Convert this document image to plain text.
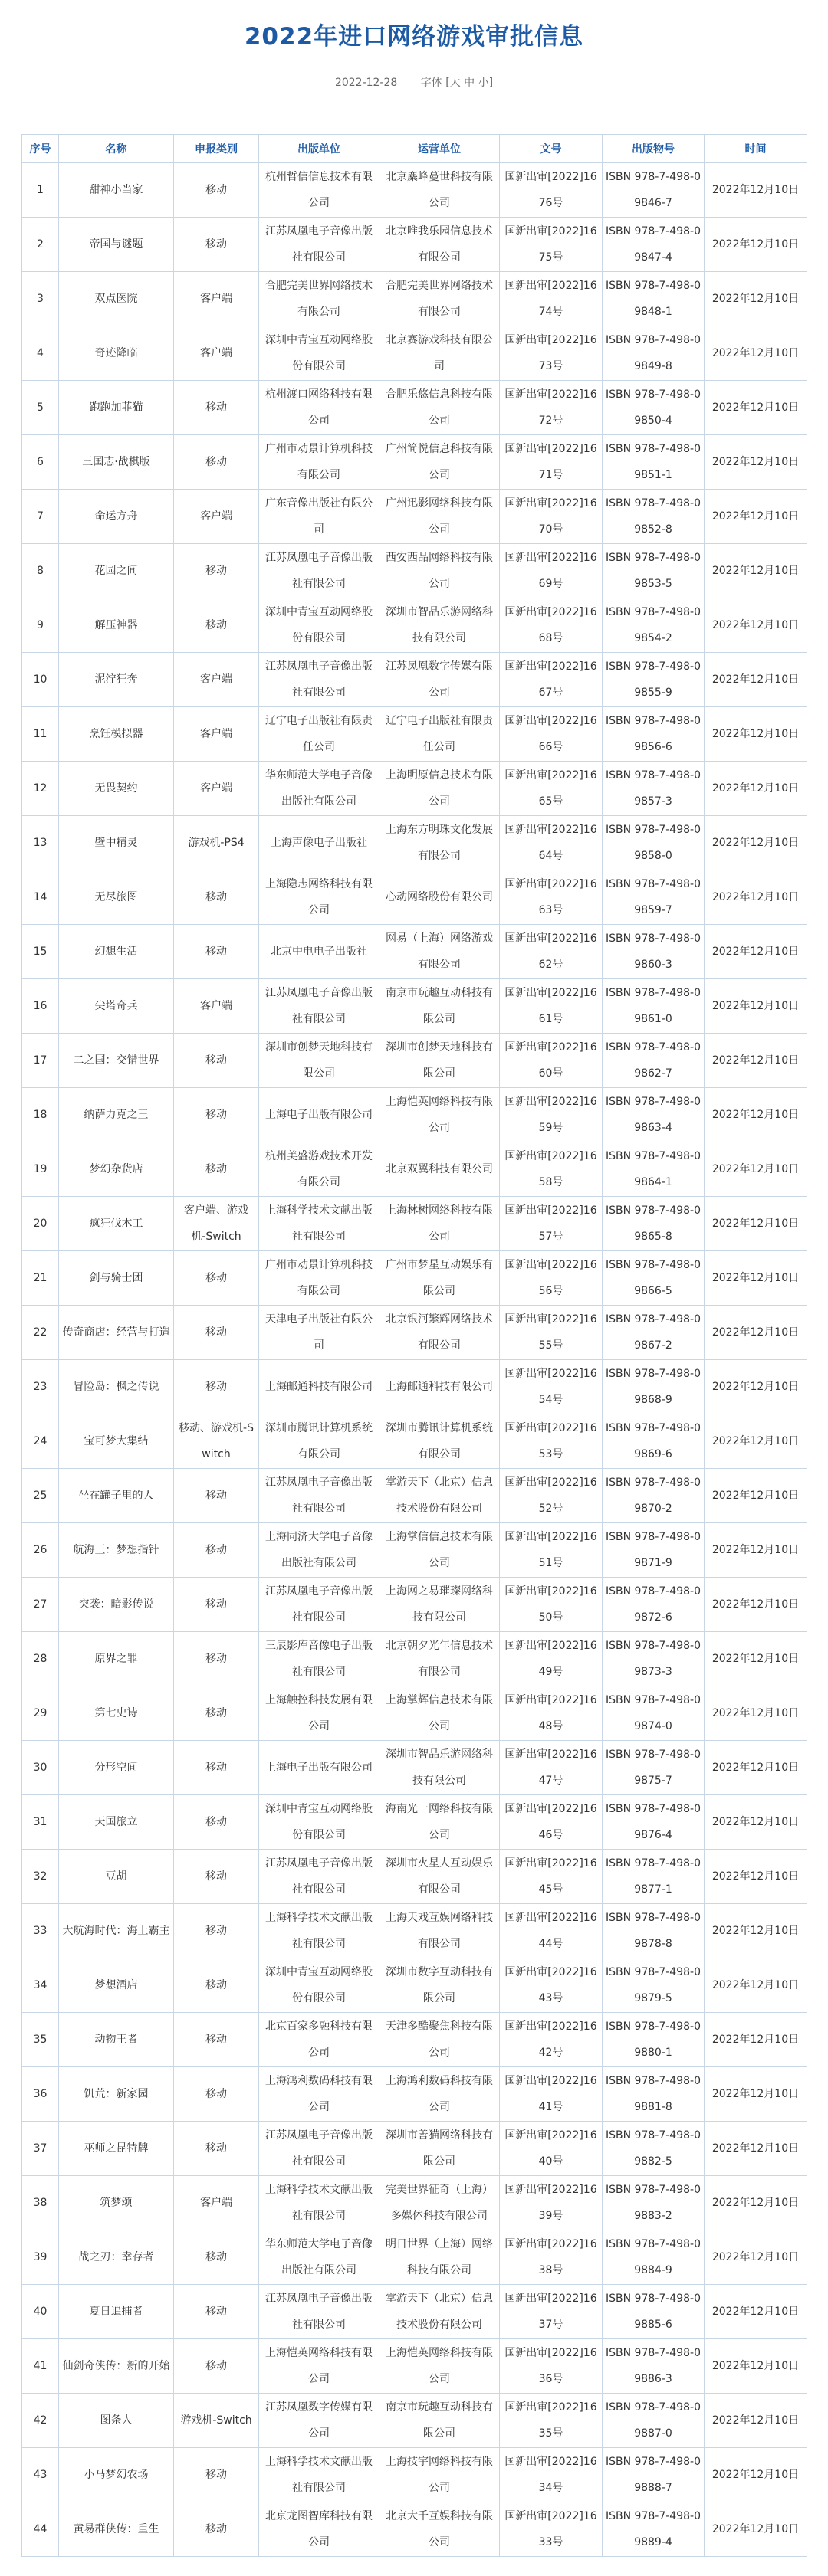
2022年进口网络游戏审批信息
2022-12-28 字体 [大 中 小]
序号	名称	申报类别	出版单位	运营单位	文号	出版物号	时间
1	甜神小当家	移动	杭州哲信信息技术有限公司	北京麋峰蔓世科技有限公司	国新出审[2022]1676号	ISBN 978-7-498-09846-7	2022年12月10日
2	帝国与谜题	移动	江苏凤凰电子音像出版社有限公司	北京唯我乐园信息技术有限公司	国新出审[2022]1675号	ISBN 978-7-498-09847-4	2022年12月10日
3	双点医院	客户端	合肥完美世界网络技术有限公司	合肥完美世界网络技术有限公司	国新出审[2022]1674号	ISBN 978-7-498-09848-1	2022年12月10日
4	奇迹降临	客户端	深圳中青宝互动网络股份有限公司	北京赛游戏科技有限公司	国新出审[2022]1673号	ISBN 978-7-498-09849-8	2022年12月10日
5	跑跑加菲猫	移动	杭州渡口网络科技有限公司	合肥乐悠信息科技有限公司	国新出审[2022]1672号	ISBN 978-7-498-09850-4	2022年12月10日
6	三国志·战棋版	移动	广州市动景计算机科技有限公司	广州简悦信息科技有限公司	国新出审[2022]1671号	ISBN 978-7-498-09851-1	2022年12月10日
7	命运方舟	客户端	广东音像出版社有限公司	广州迅影网络科技有限公司	国新出审[2022]1670号	ISBN 978-7-498-09852-8	2022年12月10日
8	花园之间	移动	江苏凤凰电子音像出版社有限公司	西安西品网络科技有限公司	国新出审[2022]1669号	ISBN 978-7-498-09853-5	2022年12月10日
9	解压神器	移动	深圳中青宝互动网络股份有限公司	深圳市智品乐游网络科技有限公司	国新出审[2022]1668号	ISBN 978-7-498-09854-2	2022年12月10日
10	泥泞狂奔	客户端	江苏凤凰电子音像出版社有限公司	江苏凤凰数字传媒有限公司	国新出审[2022]1667号	ISBN 978-7-498-09855-9	2022年12月10日
11	烹饪模拟器	客户端	辽宁电子出版社有限责任公司	辽宁电子出版社有限责任公司	国新出审[2022]1666号	ISBN 978-7-498-09856-6	2022年12月10日
12	无畏契约	客户端	华东师范大学电子音像出版社有限公司	上海明原信息技术有限公司	国新出审[2022]1665号	ISBN 978-7-498-09857-3	2022年12月10日
13	壁中精灵	游戏机-PS4	上海声像电子出版社	上海东方明珠文化发展有限公司	国新出审[2022]1664号	ISBN 978-7-498-09858-0	2022年12月10日
14	无尽旅图	移动	上海隐志网络科技有限公司	心动网络股份有限公司	国新出审[2022]1663号	ISBN 978-7-498-09859-7	2022年12月10日
15	幻想生活	移动	北京中电电子出版社	网易（上海）网络游戏有限公司	国新出审[2022]1662号	ISBN 978-7-498-09860-3	2022年12月10日
16	尖塔奇兵	客户端	江苏凤凰电子音像出版社有限公司	南京市玩趣互动科技有限公司	国新出审[2022]1661号	ISBN 978-7-498-09861-0	2022年12月10日
17	二之国：交错世界	移动	深圳市创梦天地科技有限公司	深圳市创梦天地科技有限公司	国新出审[2022]1660号	ISBN 978-7-498-09862-7	2022年12月10日
18	纳萨力克之王	移动	上海电子出版有限公司	上海恺英网络科技有限公司	国新出审[2022]1659号	ISBN 978-7-498-09863-4	2022年12月10日
19	梦幻杂货店	移动	杭州美盛游戏技术开发有限公司	北京双翼科技有限公司	国新出审[2022]1658号	ISBN 978-7-498-09864-1	2022年12月10日
20	疯狂伐木工	客户端、游戏机-Switch	上海科学技术文献出版社有限公司	上海林树网络科技有限公司	国新出审[2022]1657号	ISBN 978-7-498-09865-8	2022年12月10日
21	剑与骑士团	移动	广州市动景计算机科技有限公司	广州市梦星互动娱乐有限公司	国新出审[2022]1656号	ISBN 978-7-498-09866-5	2022年12月10日
22	传奇商店：经营与打造	移动	天津电子出版社有限公司	北京银河繁辉网络技术有限公司	国新出审[2022]1655号	ISBN 978-7-498-09867-2	2022年12月10日
23	冒险岛：枫之传说	移动	上海邮通科技有限公司	上海邮通科技有限公司	国新出审[2022]1654号	ISBN 978-7-498-09868-9	2022年12月10日
24	宝可梦大集结	移动、游戏机-Switch	深圳市腾讯计算机系统有限公司	深圳市腾讯计算机系统有限公司	国新出审[2022]1653号	ISBN 978-7-498-09869-6	2022年12月10日
25	坐在罐子里的人	移动	江苏凤凰电子音像出版社有限公司	掌游天下（北京）信息技术股份有限公司	国新出审[2022]1652号	ISBN 978-7-498-09870-2	2022年12月10日
26	航海王：梦想指针	移动	上海同济大学电子音像出版社有限公司	上海掌信信息技术有限公司	国新出审[2022]1651号	ISBN 978-7-498-09871-9	2022年12月10日
27	突袭：暗影传说	移动	江苏凤凰电子音像出版社有限公司	上海网之易璀璨网络科技有限公司	国新出审[2022]1650号	ISBN 978-7-498-09872-6	2022年12月10日
28	原界之罪	移动	三辰影库音像电子出版社有限公司	北京朝夕光年信息技术有限公司	国新出审[2022]1649号	ISBN 978-7-498-09873-3	2022年12月10日
29	第七史诗	移动	上海触控科技发展有限公司	上海掌辉信息技术有限公司	国新出审[2022]1648号	ISBN 978-7-498-09874-0	2022年12月10日
30	分形空间	移动	上海电子出版有限公司	深圳市智品乐游网络科技有限公司	国新出审[2022]1647号	ISBN 978-7-498-09875-7	2022年12月10日
31	天国旅立	移动	深圳中青宝互动网络股份有限公司	海南光一网络科技有限公司	国新出审[2022]1646号	ISBN 978-7-498-09876-4	2022年12月10日
32	豆胡	移动	江苏凤凰电子音像出版社有限公司	深圳市火星人互动娱乐有限公司	国新出审[2022]1645号	ISBN 978-7-498-09877-1	2022年12月10日
33	大航海时代：海上霸主	移动	上海科学技术文献出版社有限公司	上海天戏互娱网络科技有限公司	国新出审[2022]1644号	ISBN 978-7-498-09878-8	2022年12月10日
34	梦想酒店	移动	深圳中青宝互动网络股份有限公司	深圳市数字互动科技有限公司	国新出审[2022]1643号	ISBN 978-7-498-09879-5	2022年12月10日
35	动物王者	移动	北京百家多融科技有限公司	天津多酷聚焦科技有限公司	国新出审[2022]1642号	ISBN 978-7-498-09880-1	2022年12月10日
36	饥荒：新家园	移动	上海鸿利数码科技有限公司	上海鸿利数码科技有限公司	国新出审[2022]1641号	ISBN 978-7-498-09881-8	2022年12月10日
37	巫师之昆特牌	移动	江苏凤凰电子音像出版社有限公司	深圳市善猫网络科技有限公司	国新出审[2022]1640号	ISBN 978-7-498-09882-5	2022年12月10日
38	筑梦颂	客户端	上海科学技术文献出版社有限公司	完美世界征奇（上海）多媒体科技有限公司	国新出审[2022]1639号	ISBN 978-7-498-09883-2	2022年12月10日
39	战之刃：幸存者	移动	华东师范大学电子音像出版社有限公司	明日世界（上海）网络科技有限公司	国新出审[2022]1638号	ISBN 978-7-498-09884-9	2022年12月10日
40	夏日追捕者	移动	江苏凤凰电子音像出版社有限公司	掌游天下（北京）信息技术股份有限公司	国新出审[2022]1637号	ISBN 978-7-498-09885-6	2022年12月10日
41	仙剑奇侠传：新的开始	移动	上海恺英网络科技有限公司	上海恺英网络科技有限公司	国新出审[2022]1636号	ISBN 978-7-498-09886-3	2022年12月10日
42	图条人	游戏机-Switch	江苏凤凰数字传媒有限公司	南京市玩趣互动科技有限公司	国新出审[2022]1635号	ISBN 978-7-498-09887-0	2022年12月10日
43	小马梦幻农场	移动	上海科学技术文献出版社有限公司	上海技宇网络科技有限公司	国新出审[2022]1634号	ISBN 978-7-498-09888-7	2022年12月10日
44	黄易群侠传：重生	移动	北京龙图智库科技有限公司	北京大千互娱科技有限公司	国新出审[2022]1633号	ISBN 978-7-498-09889-4	2022年12月10日
